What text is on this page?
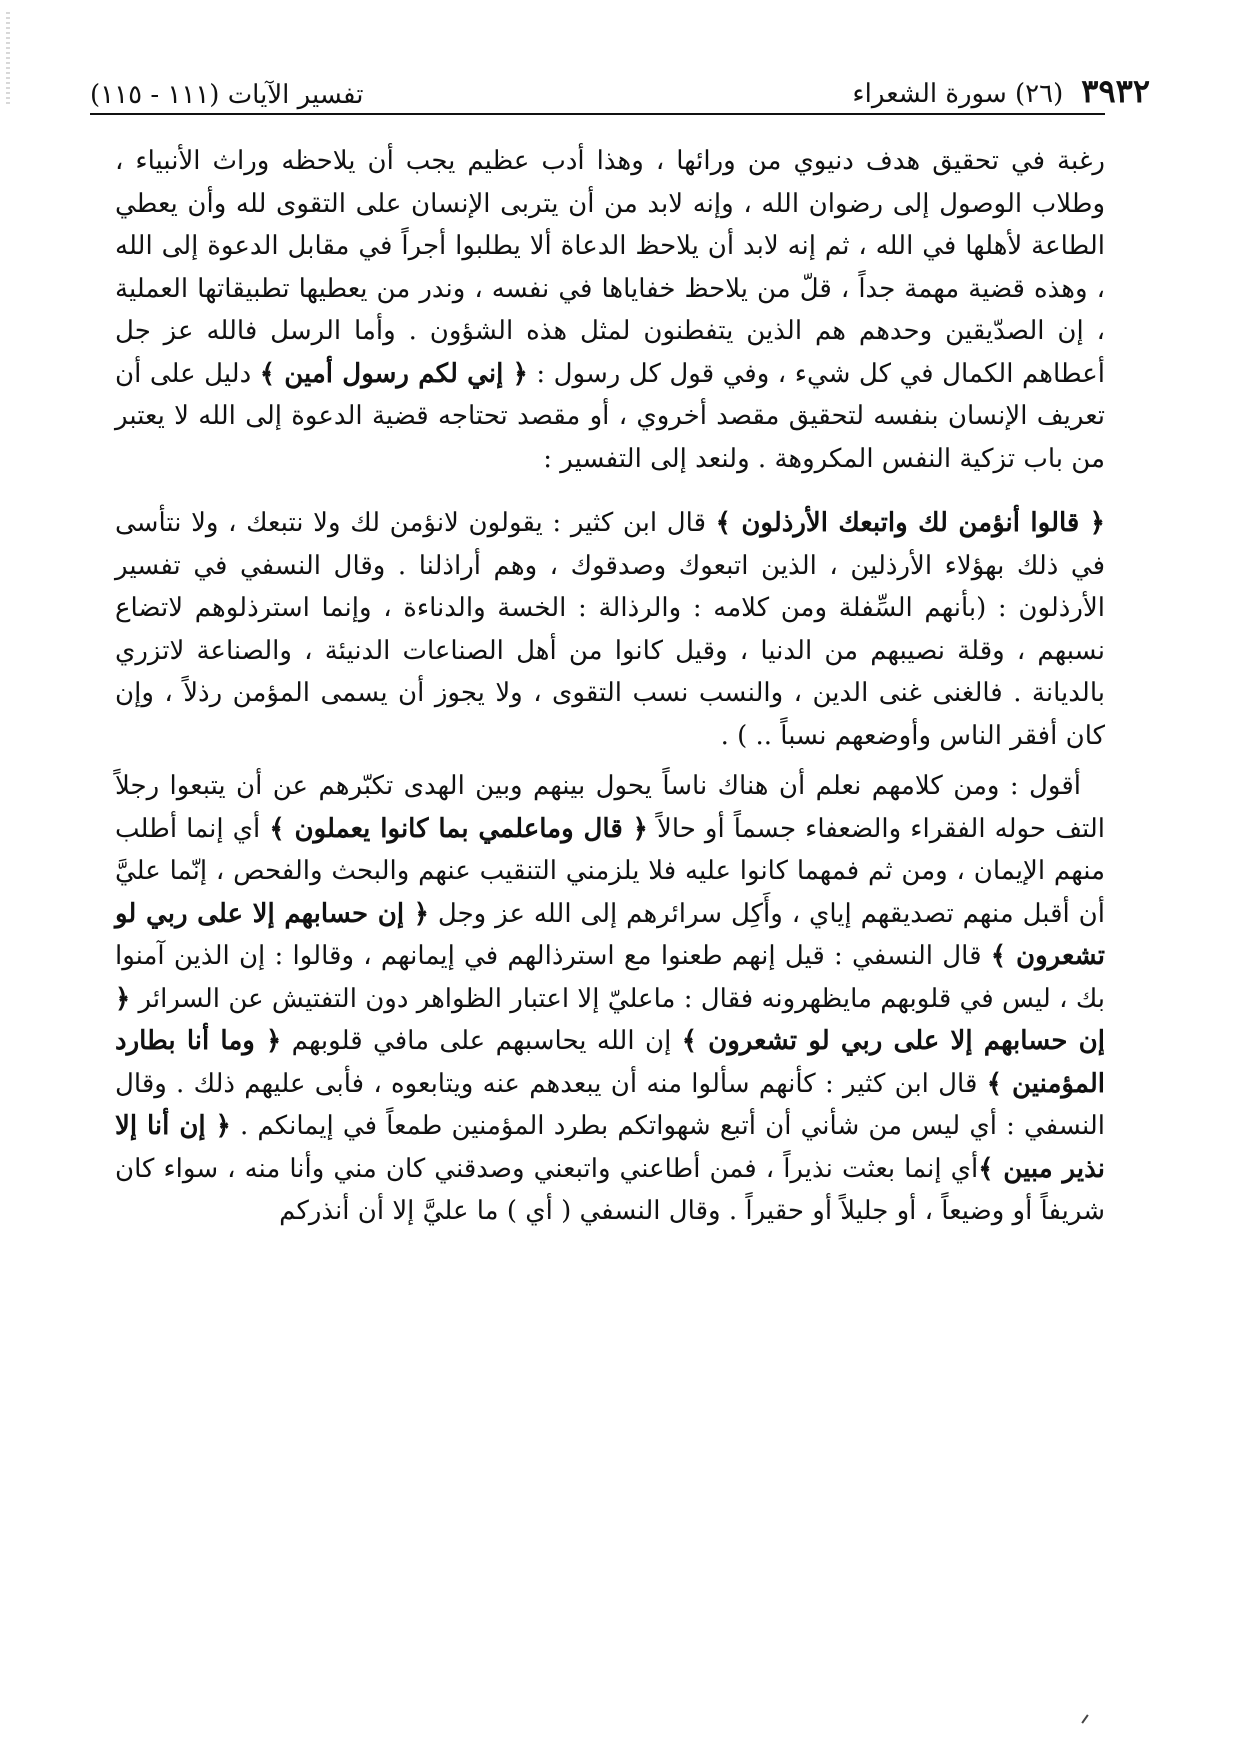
٣٩٣٢
(٢٦) سورة الشعراء
تفسير الآيات (١١١ - ١١٥)

رغبة في تحقيق هدف دنيوي من ورائها ، وهذا أدب عظيم يجب أن يلاحظه وراث الأنبياء ، وطلاب الوصول إلى رضوان الله ، وإنه لابد من أن يتربى الإنسان على التقوى لله وأن يعطي الطاعة لأهلها في الله ، ثم إنه لابد أن يلاحظ الدعاة ألا يطلبوا أجراً في مقابل الدعوة إلى الله ، وهذه قضية مهمة جداً ، قلّ من يلاحظ خفاياها في نفسه ، وندر من يعطيها تطبيقاتها العملية ، إن الصدّيقين وحدهم هم الذين يتفطنون لمثل هذه الشؤون . وأما الرسل فالله عز جل أعطاهم الكمال في كل شيء ، وفي قول كل رسول : ﴿ إني لكم رسول أمين ﴾ دليل على أن تعريف الإنسان بنفسه لتحقيق مقصد أخروي ، أو مقصد تحتاجه قضية الدعوة إلى الله لا يعتبر من باب تزكية النفس المكروهة . ولنعد إلى التفسير :

﴿ قالوا أنؤمن لك واتبعك الأرذلون ﴾ قال ابن كثير : يقولون لانؤمن لك ولا نتبعك ، ولا نتأسى في ذلك بهؤلاء الأرذلين ، الذين اتبعوك وصدقوك ، وهم أراذلنا . وقال النسفي في تفسير الأرذلون : (بأنهم السِّفلة ومن كلامه : والرذالة : الخسة والدناءة ، وإنما استرذلوهم لاتضاع نسبهم ، وقلة نصيبهم من الدنيا ، وقيل كانوا من أهل الصناعات الدنيئة ، والصناعة لاتزري بالديانة . فالغنى غنى الدين ، والنسب نسب التقوى ، ولا يجوز أن يسمى المؤمن رذلاً ، وإن كان أفقر الناس وأوضعهم نسباً .. ) .

أقول : ومن كلامهم نعلم أن هناك ناساً يحول بينهم وبين الهدى تكبّرهم عن أن يتبعوا رجلاً التف حوله الفقراء والضعفاء جسماً أو حالاً ﴿ قال وماعلمي بما كانوا يعملون ﴾ أي إنما أطلب منهم الإيمان ، ومن ثم فمهما كانوا عليه فلا يلزمني التنقيب عنهم والبحث والفحص ، إنّما عليَّ أن أقبل منهم تصديقهم إياي ، وأَكِل سرائرهم إلى الله عز وجل ﴿ إن حسابهم إلا على ربي لو تشعرون ﴾ قال النسفي : قيل إنهم طعنوا مع استرذالهم في إيمانهم ، وقالوا : إن الذين آمنوا بك ، ليس في قلوبهم مايظهرونه فقال : ماعليّ إلا اعتبار الظواهر دون التفتيش عن السرائر ﴿ إن حسابهم إلا على ربي لو تشعرون ﴾ إن الله يحاسبهم على مافي قلوبهم ﴿ وما أنا بطارد المؤمنين ﴾ قال ابن كثير : كأنهم سألوا منه أن يبعدهم عنه ويتابعوه ، فأبى عليهم ذلك . وقال النسفي : أي ليس من شأني أن أتبع شهواتكم بطرد المؤمنين طمعاً في إيمانكم . ﴿ إن أنا إلا نذير مبين ﴾أي إنما بعثت نذيراً ، فمن أطاعني واتبعني وصدقني كان مني وأنا منه ، سواء كان شريفاً أو وضيعاً ، أو جليلاً أو حقيراً . وقال النسفي ( أي ) ما عليَّ إلا أن أنذركم
